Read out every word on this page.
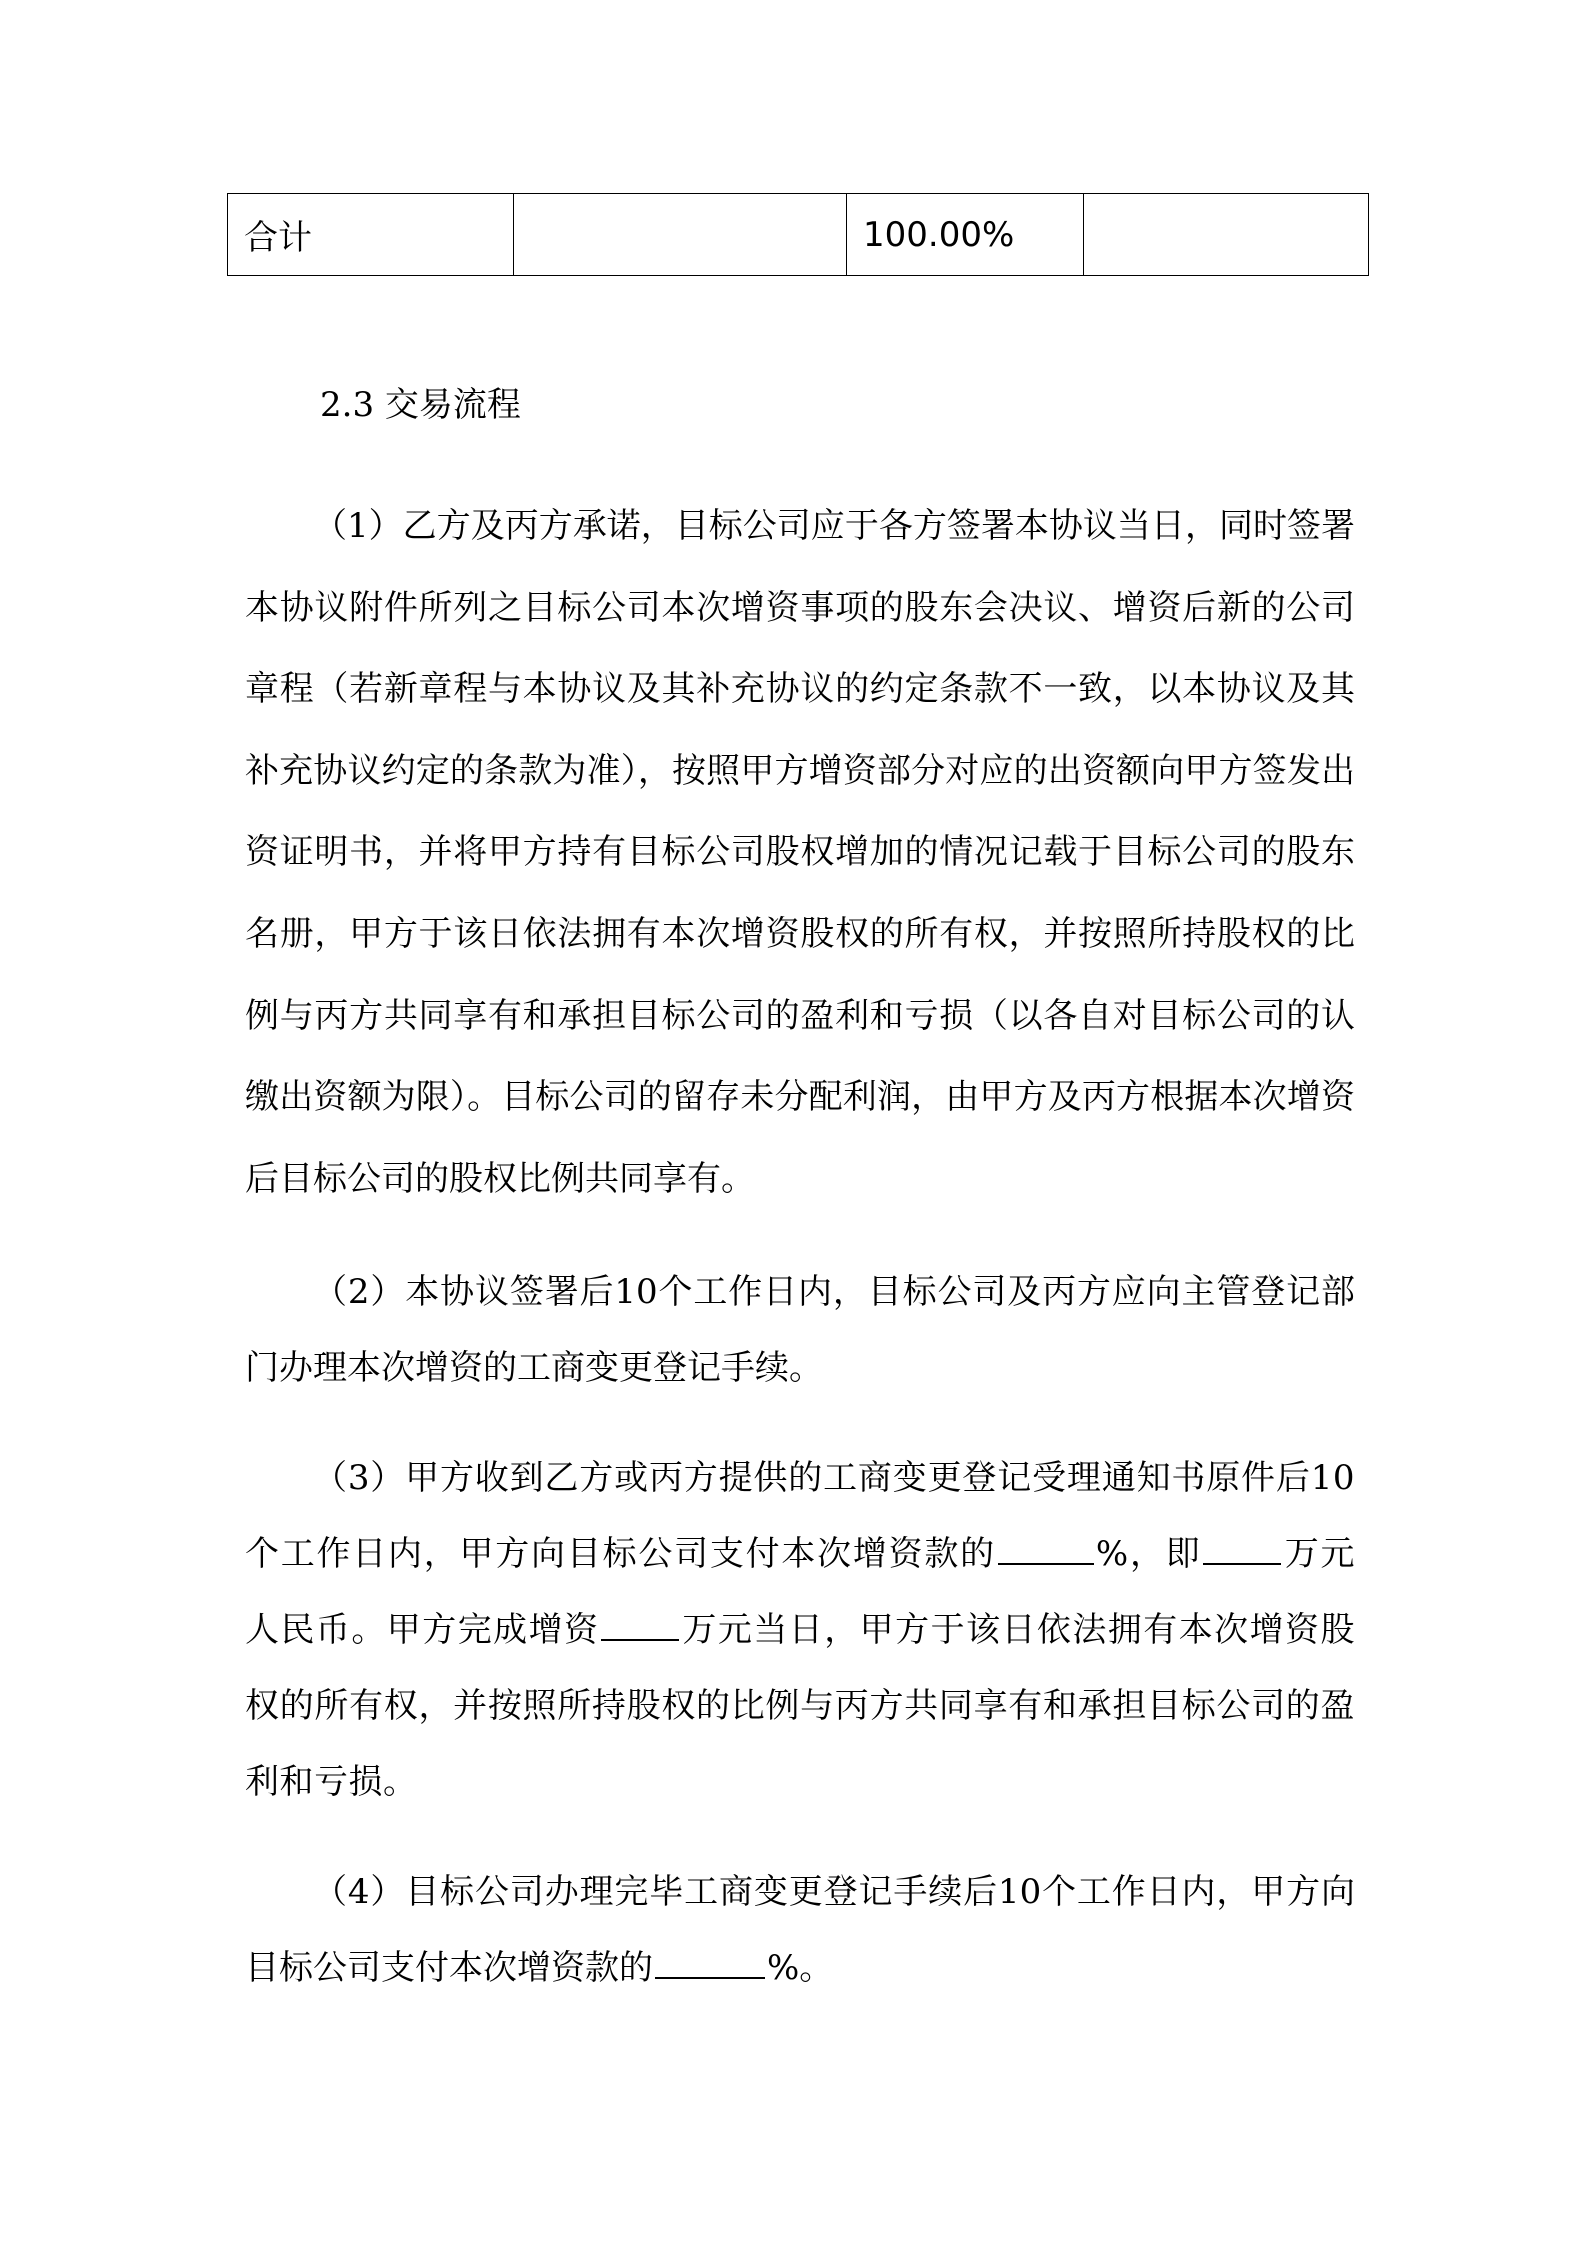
合计		100.00%	
2.3 交易流程

（1）乙方及丙方承诺，目标公司应于各方签署本协议当日，同时签署本协议附件所列之目标公司本次增资事项的股东会决议、增资后新的公司章程（若新章程与本协议及其补充协议的约定条款不一致，以本协议及其补充协议约定的条款为准），按照甲方增资部分对应的出资额向甲方签发出资证明书，并将甲方持有目标公司股权增加的情况记载于目标公司的股东名册，甲方于该日依法拥有本次增资股权的所有权，并按照所持股权的比例与丙方共同享有和承担目标公司的盈利和亏损（以各自对目标公司的认缴出资额为限）。目标公司的留存未分配利润，由甲方及丙方根据本次增资后目标公司的股权比例共同享有。

（2）本协议签署后10个工作日内，目标公司及丙方应向主管登记部门办理本次增资的工商变更登记手续。

（3）甲方收到乙方或丙方提供的工商变更登记受理通知书原件后10个工作日内，甲方向目标公司支付本次增资款的	%，即 万元人民币。甲方完成增资 万元当日，甲方于该日依法拥有本次增资股权的所有权，并按照所持股权的比例与丙方共同享有和承担目标公司的盈利和亏损。

（4）目标公司办理完毕工商变更登记手续后10个工作日内，甲方向目标公司支付本次增资款的	%。
